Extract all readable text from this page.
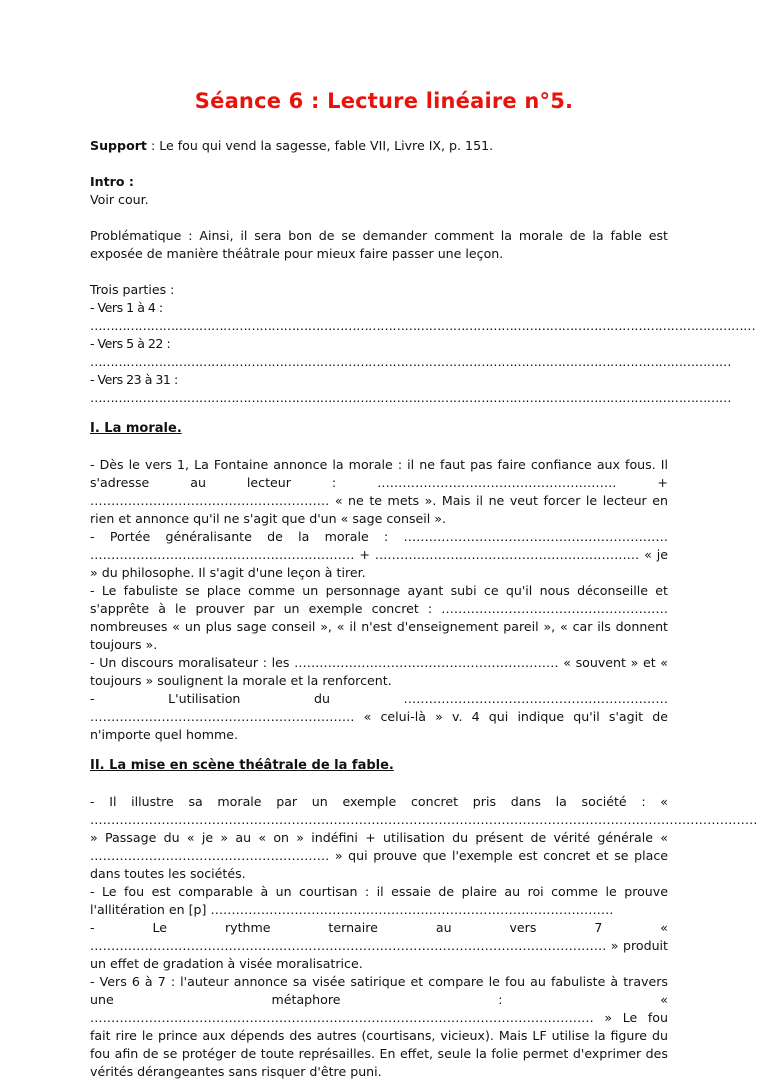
Séance 6 : Lecture linéaire n°5.

Support : Le fou qui vend la sagesse, fable VII, Livre IX, p. 151.

Intro :

Voir cour.

Problématique : Ainsi, il sera bon de se demander comment la morale de la fable est exposée de manière théâtrale pour mieux faire passer une leçon.

Trois parties :

- Vers 1 à 4 : …………………………………………………………………………………………………………………………………………………

- Vers 5 à 22 : ……………………………………………………………………………………………………………………………………………

- Vers 23 à 31 : ……………………………………………………………………………………………………………………………………………

I. La morale.

- Dès le vers 1, La Fontaine annonce la morale : il ne faut pas faire confiance aux fous. Il s'adresse au lecteur : ………………………………………………… + ………………………………………………… « ne te mets ». Mais il ne veut forcer le lecteur en rien et annonce qu'il ne s'agit que d'un « sage conseil ».

- Portée généralisante de la morale : ……………………………………………………… ……………………………………………………… + ……………………………………………………… « je » du philosophe. Il s'agit d'une leçon à tirer.

- Le fabuliste se place comme un personnage ayant subi ce qu'il nous déconseille et s'apprête à le prouver par un exemple concret : ……………………………………………… nombreuses « un plus sage conseil », « il n'est d'enseignement pareil », « car ils donnent toujours ».

- Un discours moralisateur : les ……………………………………………………… « souvent » et « toujours » soulignent la morale et la renforcent.

- L'utilisation du ……………………………………………………… ……………………………………………………… « celui-là » v. 4 qui indique qu'il s'agit de n'importe quel homme.

II. La mise en scène théâtrale de la fable.

- Il illustre sa morale par un exemple concret pris dans la société : « …………………………………………………………………………………………………………………………………………… » Passage du « je » au « on » indéfini + utilisation du présent de vérité générale « ………………………………………………… » qui prouve que l'exemple est concret et se place dans toutes les sociétés.

- Le fou est comparable à un courtisan : il essaie de plaire au roi comme le prouve l'allitération en [p] ……………………………………………………………………………………

- Le rythme ternaire au vers 7 « …………………………………………………………………………………………………………… » produit un effet de gradation à visée moralisatrice.

- Vers 6 à 7 : l'auteur annonce sa visée satirique et compare le fou au fabuliste à travers une métaphore : « ………………………………………………………………………………………………………… » Le fou fait rire le prince aux dépends des autres (courtisans, vicieux). Mais LF utilise la figure du fou afin de se protéger de toute représailles. En effet, seule la folie permet d'exprimer des vérités dérangeantes sans risquer d'être puni.
